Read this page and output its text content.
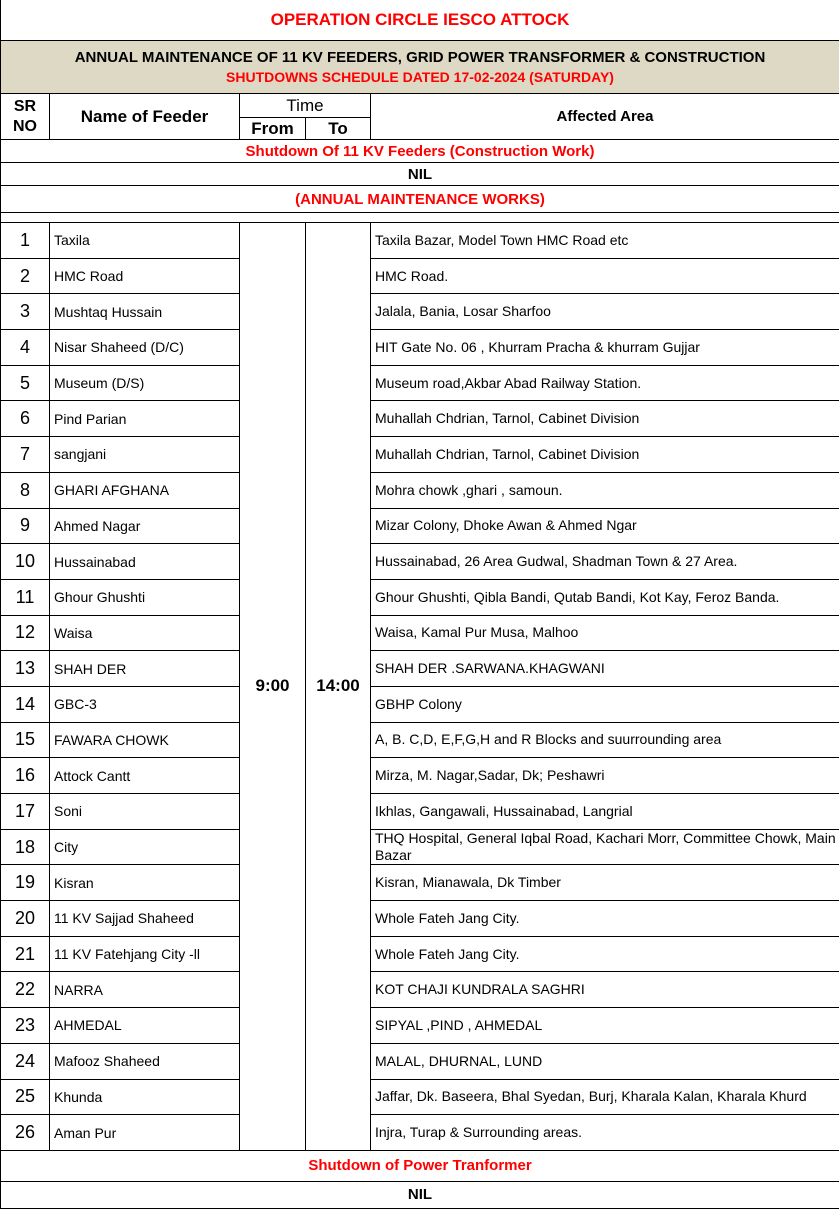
OPERATION CIRCLE IESCO ATTOCK				

ANNUAL MAINTENANCE OF 11 KV FEEDERS, GRID POWER TRANSFORMER & CONSTRUCTION
SHUTDOWNS SCHEDULE DATED 17-02-2024 (SATURDAY)				

SR
NO	Name of Feeder	Time		Affected Area
		From	To	
Shutdown Of 11 KV Feeders (Construction Work)				
NIL				
(ANNUAL MAINTENANCE WORKS)				

1	Taxila	9:00	14:00	Taxila Bazar, Model Town HMC Road etc
2	HMC Road			HMC Road.
3	Mushtaq Hussain			Jalala, Bania, Losar Sharfoo
4	Nisar Shaheed (D/C)			HIT Gate No. 06 , Khurram Pracha & khurram Gujjar
5	Museum (D/S)			Museum road,Akbar Abad Railway Station.
6	Pind Parian			Muhallah Chdrian, Tarnol, Cabinet Division
7	sangjani			Muhallah Chdrian, Tarnol, Cabinet Division
8	GHARI AFGHANA			Mohra chowk ,ghari , samoun.
9	Ahmed Nagar			Mizar Colony, Dhoke Awan & Ahmed Ngar
10	Hussainabad			Hussainabad, 26 Area Gudwal, Shadman Town & 27 Area.
11	Ghour Ghushti			Ghour Ghushti, Qibla Bandi, Qutab Bandi, Kot Kay, Feroz Banda.
12	Waisa			Waisa, Kamal Pur Musa, Malhoo
13	SHAH DER			SHAH DER .SARWANA.KHAGWANI
14	GBC-3			GBHP Colony
15	FAWARA CHOWK			A, B. C,D, E,F,G,H and R Blocks and suurrounding area
16	Attock Cantt			Mirza, M. Nagar,Sadar, Dk; Peshawri
17	Soni			Ikhlas, Gangawali, Hussainabad, Langrial
18	City			THQ Hospital, General Iqbal Road, Kachari Morr, Committee Chowk, Main Bazar
19	Kisran			Kisran, Mianawala, Dk Timber
20	11 KV Sajjad Shaheed			Whole Fateh Jang City.
21	11 KV Fatehjang City -ll			Whole Fateh Jang City.
22	NARRA			KOT CHAJI KUNDRALA SAGHRI
23	AHMEDAL			SIPYAL ,PIND , AHMEDAL
24	Mafooz Shaheed			MALAL, DHURNAL, LUND
25	Khunda			Jaffar, Dk. Baseera, Bhal Syedan, Burj, Kharala Kalan, Kharala Khurd
26	Aman Pur			Injra, Turap & Surrounding areas.
Shutdown of Power Tranformer				
NIL				
